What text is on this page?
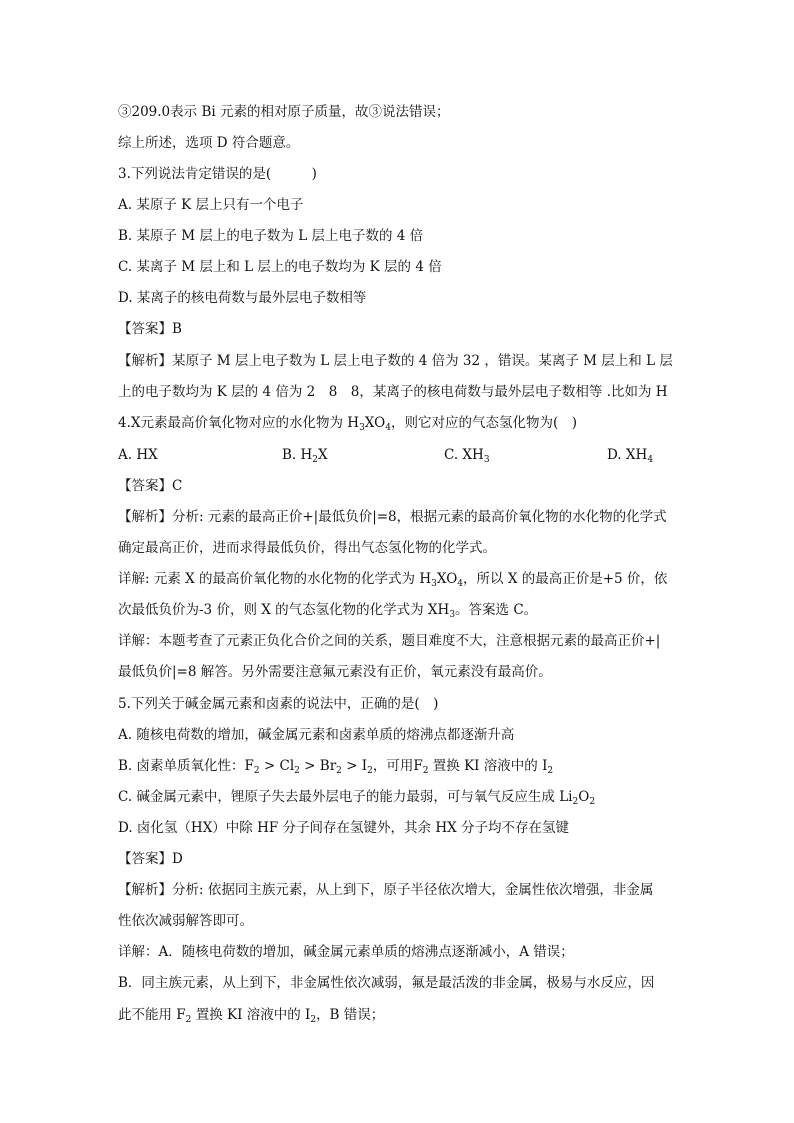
③209.0表示 Bi 元素的相对原子质量，故③说法错误；
综上所述，选项 D 符合题意。
3.下列说法肯定错误的是(　　　)
A. 某原子 K 层上只有一个电子
B. 某原子 M 层上的电子数为 L 层上电子数的 4 倍
C. 某离子 M 层上和 L 层上的电子数均为 K 层的 4 倍
D. 某离子的核电荷数与最外层电子数相等
【答案】B
【解析】某原子 M 层上电子数为 L 层上电子数的 4 倍为 32 ，错误。某离子 M 层上和 L 层
上的电子数均为 K 层的 4 倍为 2　8　8，某离子的核电荷数与最外层电子数相等 .比如为 H
4.X元素最高价氧化物对应的水化物为 $H_3XO_4$，则它对应的气态氢化物为(　)
A. HX	B. $H_2X$	C. $XH_3$	D. $XH_4$
【答案】C
【解析】分析: 元素的最高正价+|最低负价|=8，根据元素的最高价氧化物的水化物的化学式
确定最高正价，进而求得最低负价，得出气态氢化物的化学式。
详解: 元素 X 的最高价氧化物的水化物的化学式为 $H_3XO_4$，所以 X 的最高正价是+5 价，依
次最低负价为-3 价，则 X 的气态氢化物的化学式为 $XH_3$。答案选 C。
详解：本题考查了元素正负化合价之间的关系，题目难度不大，注意根据元素的最高正价+|
最低负价|=8 解答。另外需要注意氟元素没有正价，氧元素没有最高价。
5.下列关于碱金属元素和卤素的说法中，正确的是(　)
A. 随核电荷数的增加，碱金属元素和卤素单质的熔沸点都逐渐升高
B. 卤素单质氧化性：$F_2 > Cl_2 > Br_2 > I_2$，可用$F_2$ 置换 KI 溶液中的 $I_2$
C. 碱金属元素中，锂原子失去最外层电子的能力最弱，可与氧气反应生成 $Li_2O_2$
D. 卤化氢（HX）中除 HF 分子间存在氢键外，其余 HX 分子均不存在氢键
【答案】D
【解析】分析: 依据同主族元素，从上到下，原子半径依次增大，金属性依次增强，非金属
性依次减弱解答即可。
详解：A．随核电荷数的增加，碱金属元素单质的熔沸点逐渐减小，A 错误；
B．同主族元素，从上到下，非金属性依次减弱，氟是最活泼的非金属，极易与水反应，因
此不能用 $F_2$ 置换 KI 溶液中的 $I_2$，B 错误；
